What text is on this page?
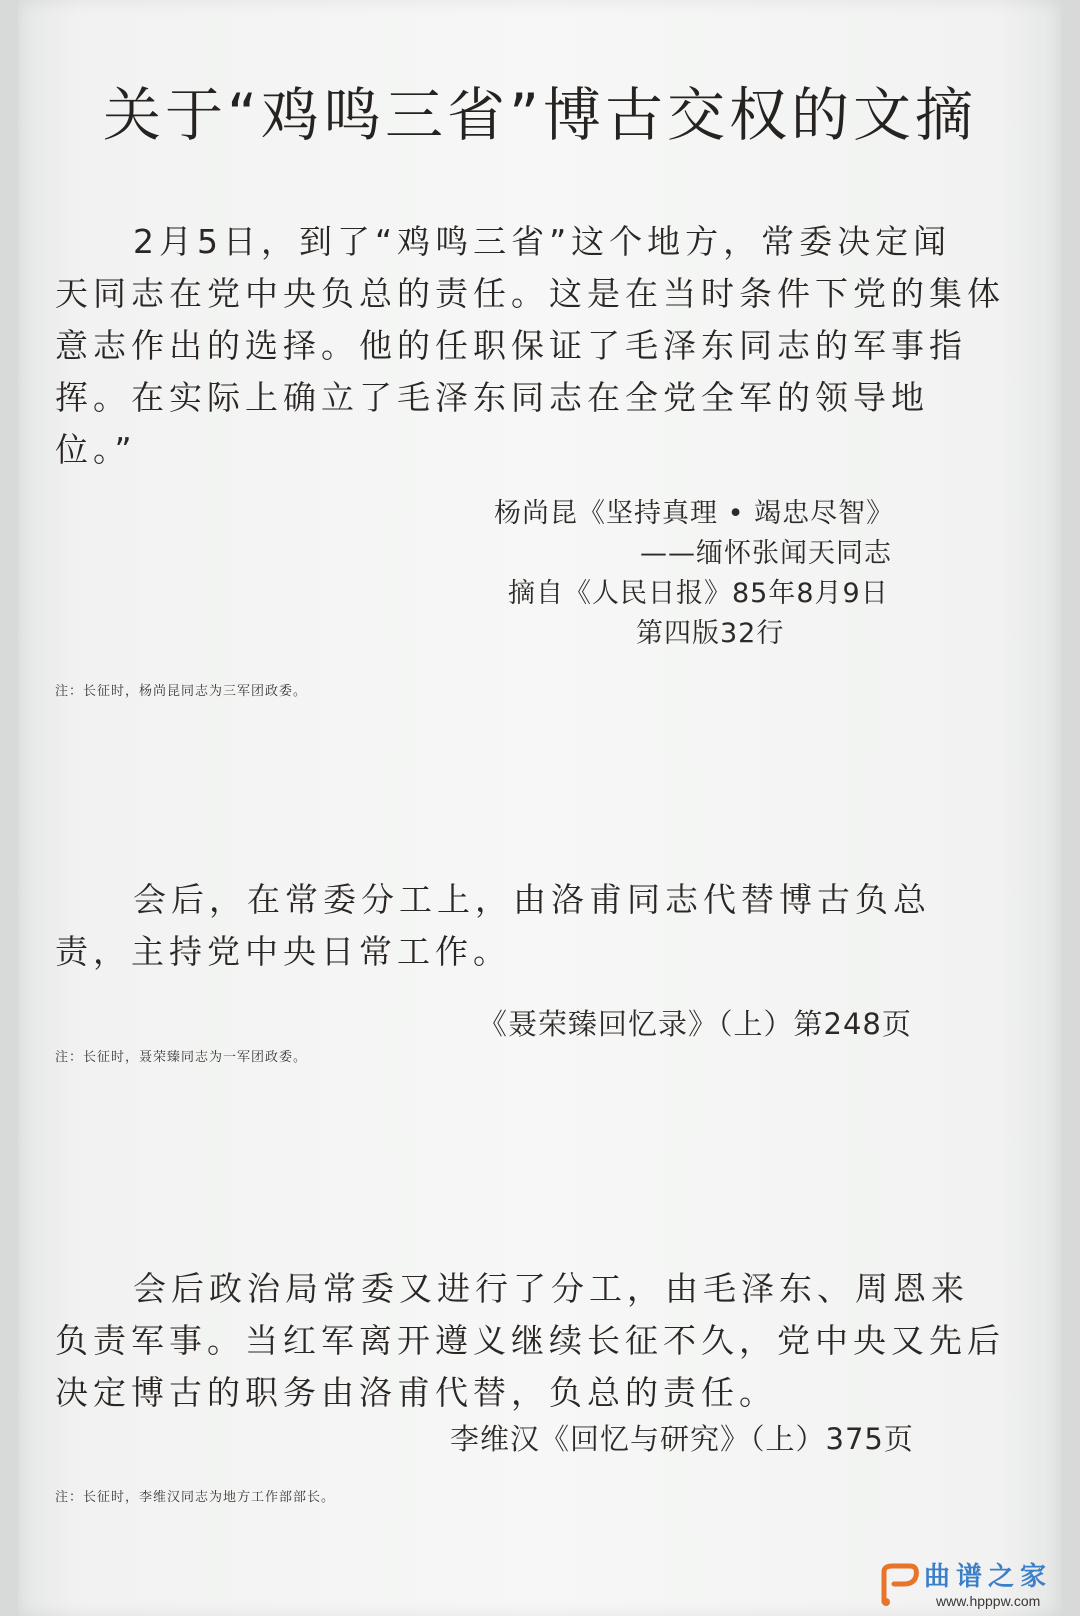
关于“鸡鸣三省”博古交权的文摘
2月5日，到了“鸡鸣三省”这个地方，常委决定闻
天同志在党中央负总的责任。这是在当时条件下党的集体
意志作出的选择。他的任职保证了毛泽东同志的军事指
挥。在实际上确立了毛泽东同志在全党全军的领导地
位。”
杨尚昆《坚持真理 • 竭忠尽智》
——缅怀张闻天同志
摘自《人民日报》85年8月9日
第四版32行
注：长征时，杨尚昆同志为三军团政委。
会后，在常委分工上，由洛甫同志代替博古负总
责，主持党中央日常工作。
《聂荣臻回忆录》（上）第248页
注：长征时，聂荣臻同志为一军团政委。
会后政治局常委又进行了分工，由毛泽东、周恩来
负责军事。当红军离开遵义继续长征不久，党中央又先后
决定博古的职务由洛甫代替，负总的责任。
李维汉《回忆与研究》（上）375页
注：长征时，李维汉同志为地方工作部部长。
曲谱之家
www.hpppw.com
